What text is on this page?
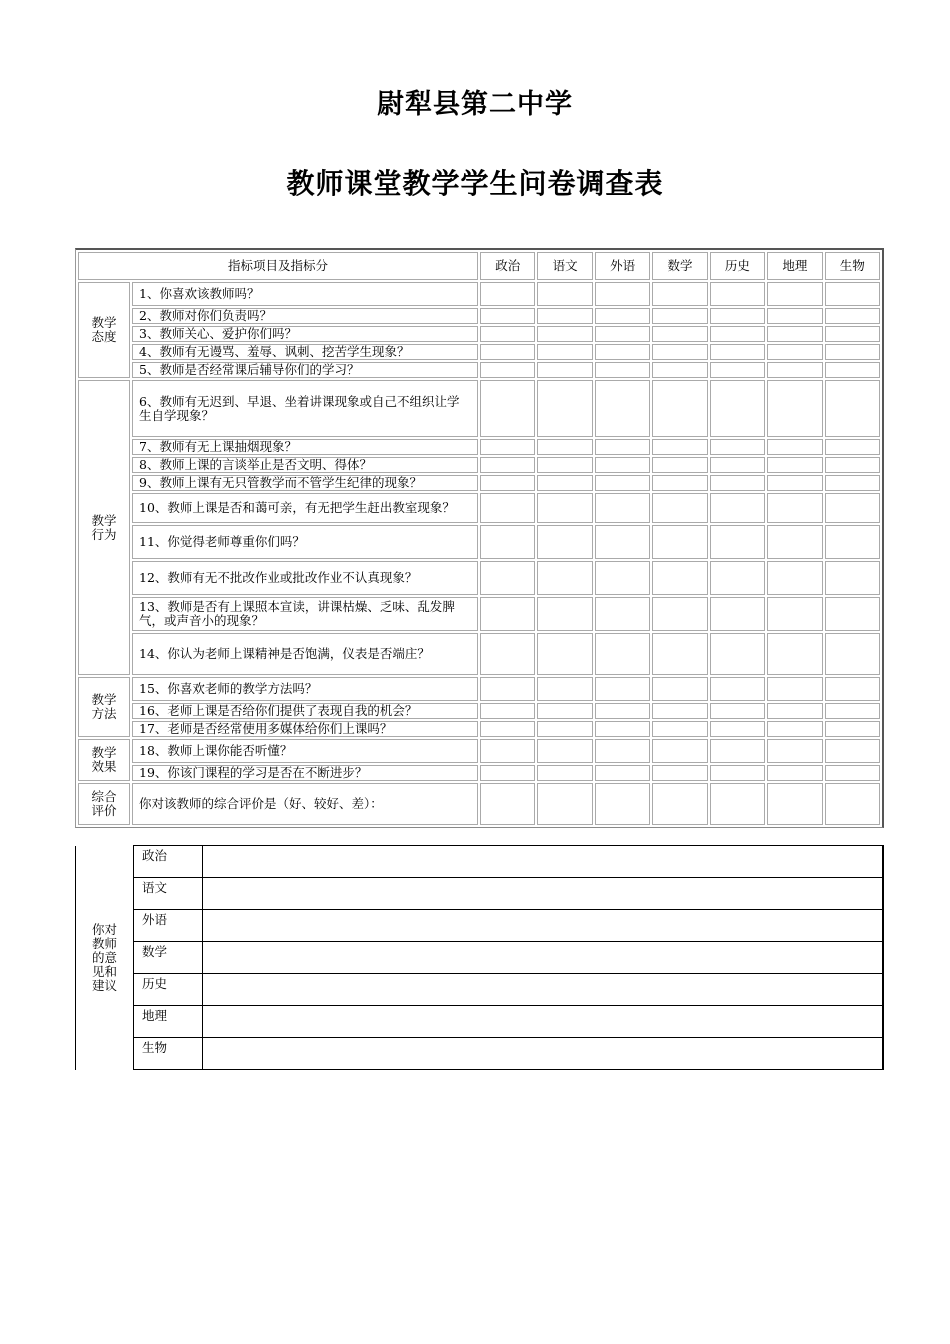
尉犁县第二中学
教师课堂教学学生问卷调查表
指标项目及指标分		政治	语文	外语	数学	历史	地理	生物
教学态度	1、你喜欢该教师吗？							
	2、教师对你们负责吗？							
	3、教师关心、爱护你们吗？							
	4、教师有无谩骂、羞辱、讽刺、挖苦学生现象？							
	5、教师是否经常课后辅导你们的学习？							
教学行为	6、教师有无迟到、早退、坐着讲课现象或自己不组织让学生自学现象？							
	7、教师有无上课抽烟现象？							
	8、教师上课的言谈举止是否文明、得体？							
	9、教师上课有无只管教学而不管学生纪律的现象？							
	10、教师上课是否和蔼可亲，有无把学生赶出教室现象？							
	11、你觉得老师尊重你们吗？							
	12、教师有无不批改作业或批改作业不认真现象？							
	13、教师是否有上课照本宣读，讲课枯燥、乏味、乱发脾气，或声音小的现象？							
	14、你认为老师上课精神是否饱满，仪表是否端庄？							
教学方法	15、你喜欢老师的教学方法吗？							
	16、老师上课是否给你们提供了表现自我的机会？							
	17、老师是否经常使用多媒体给你们上课吗？							
教学效果	18、教师上课你能否听懂？							
	19、你该门课程的学习是否在不断进步？							
综合评价	你对该教师的综合评价是（好、较好、差）：							
你对教师的意见和建议	政治	
	语文	
	外语	
	数学	
	历史	
	地理	
	生物	
